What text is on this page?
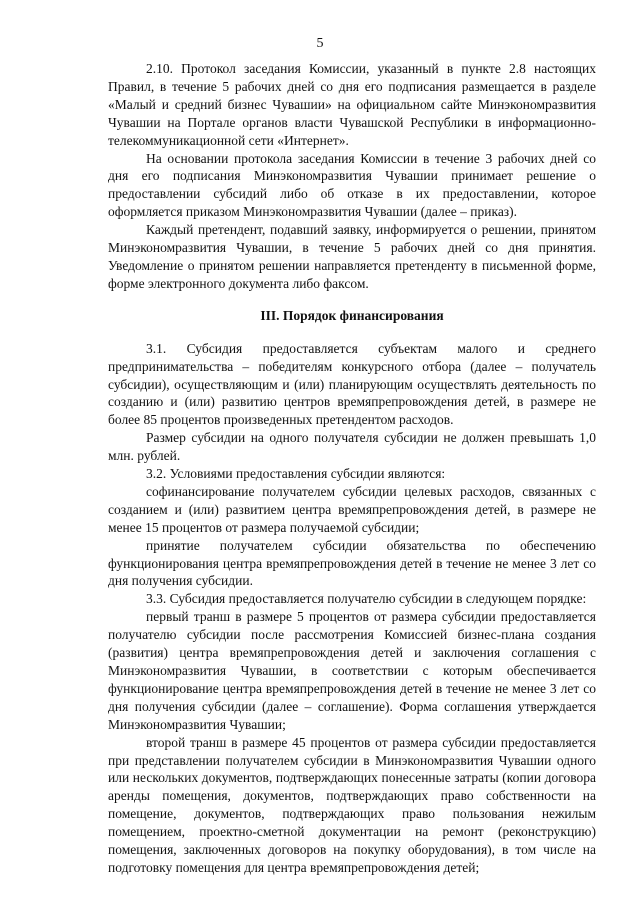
5

2.10. Протокол заседания Комиссии, указанный в пункте 2.8 настоящих Правил, в течение 5 рабочих дней со дня его подписания размещается в разделе «Малый и средний бизнес Чувашии» на официальном сайте Минэкономразвития Чувашии на Портале органов власти Чувашской Республики в информационно-телекоммуникационной сети «Интернет».

На основании протокола заседания Комиссии в течение 3 рабочих дней со дня его подписания Минэкономразвития Чувашии принимает решение о предоставлении субсидий либо об отказе в их предоставлении, которое оформляется приказом Минэкономразвития Чувашии (далее – приказ).

Каждый претендент, подавший заявку, информируется о решении, принятом Минэкономразвития Чувашии, в течение 5 рабочих дней со дня принятия. Уведомление о принятом решении направляется претенденту в письменной форме, форме электронного документа либо факсом.

III. Порядок финансирования

3.1. Субсидия предоставляется субъектам малого и среднего предпринимательства – победителям конкурсного отбора (далее – получатель субсидии), осуществляющим и (или) планирующим осуществлять деятельность по созданию и (или) развитию центров времяпрепровождения детей, в размере не более 85 процентов произведенных претендентом расходов.

Размер субсидии на одного получателя субсидии не должен превышать 1,0 млн. рублей.

3.2. Условиями предоставления субсидии являются:

софинансирование получателем субсидии целевых расходов, связанных с созданием и (или) развитием центра времяпрепровождения детей, в размере не менее 15 процентов от размера получаемой субсидии;

принятие получателем субсидии обязательства по обеспечению функционирования центра времяпрепровождения детей в течение не менее 3 лет со дня получения субсидии.

3.3. Субсидия предоставляется получателю субсидии в следующем порядке:

первый транш в размере 5 процентов от размера субсидии предоставляется получателю субсидии после рассмотрения Комиссией бизнес-плана создания (развития) центра времяпрепровождения детей и заключения соглашения с Минэкономразвития Чувашии, в соответствии с которым обеспечивается функционирование центра времяпрепровождения детей в течение не менее 3 лет со дня получения субсидии (далее – соглашение). Форма соглашения утверждается Минэкономразвития Чувашии;

второй транш в размере 45 процентов от размера субсидии предоставляется при представлении получателем субсидии в Минэкономразвития Чувашии одного или нескольких документов, подтверждающих понесенные затраты (копии договора аренды помещения, документов, подтверждающих право собственности на помещение, документов, подтверждающих право пользования нежилым помещением, проектно-сметной документации на ремонт (реконструкцию) помещения, заключенных договоров на покупку оборудования), в том числе на подготовку помещения для центра времяпрепровождения детей;
